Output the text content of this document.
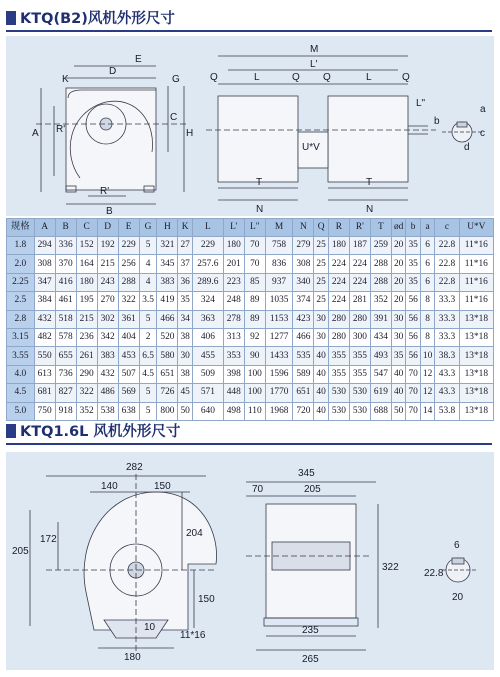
KTQ(B2)风机外形尺寸
E
D
G
K
C
H
A R'
R'
B
M
L'
Q	L	Q Q	L	Q
L"
U*V
T
N
T
N
a
b
c
d
规格	A	B	C	D	E	G	H	K	L	L'	L"	M	N	Q	R	R'	T	ød	b	a	c	U*V
1.8	294	336	152	192	229	5	321	27	229	180	70	758	279	25	180	187	259	20	35	6	22.8	11*16
2.0	308	370	164	215	256	4	345	37	257.6	201	70	836	308	25	224	224	288	20	35	6	22.8	11*16
2.25	347	416	180	243	288	4	383	36	289.6	223	85	937	340	25	224	224	288	20	35	6	22.8	11*16
2.5	384	461	195	270	322	3.5	419	35	324	248	89	1035	374	25	224	281	352	20	56	8	33.3	11*16
2.8	432	518	215	302	361	5	466	34	363	278	89	1153	423	30	280	280	391	30	56	8	33.3	13*18
3.15	482	578	236	342	404	2	520	38	406	313	92	1277	466	30	280	300	434	30	56	8	33.3	13*18
3.55	550	655	261	383	453	6.5	580	30	455	353	90	1433	535	40	355	355	493	35	56	10	38.3	13*18
4.0	613	736	290	432	507	4.5	651	38	509	398	100	1596	589	40	355	355	547	40	70	12	43.3	13*18
4.5	681	827	322	486	569	5	726	45	571	448	100	1770	651	40	530	530	619	40	70	12	43.3	13*18
5.0	750	918	352	538	638	5	800	50	640	498	110	1968	720	40	530	530	688	50	70	14	53.8	13*18
KTQ1.6L 风机外形尺寸
282
140	150
205
172
204
150
10
11*16
180
345
70	205
322
235
265
6
22.8
20
